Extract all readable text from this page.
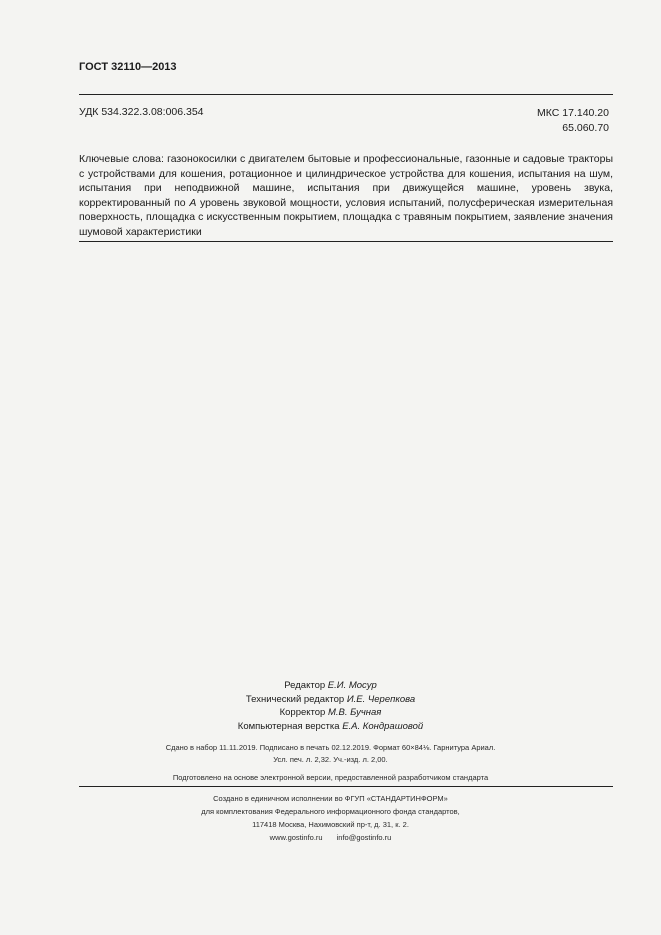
ГОСТ 32110—2013
УДК 534.322.3.08:006.354	МКС 17.140.20
65.060.70
Ключевые слова: газонокосилки с двигателем бытовые и профессиональные, газонные и садовые тракторы с устройствами для кошения, ротационное и цилиндрическое устройства для кошения, испытания на шум, испытания при неподвижной машине, испытания при движущейся машине, уровень звука, корректированный по А уровень звуковой мощности, условия испытаний, полусферическая измерительная поверхность, площадка с искусственным покрытием, площадка с травяным покрытием, заявление значения шумовой характеристики
Редактор Е.И. Мосур
Технический редактор И.Е. Черепкова
Корректор М.В. Бучная
Компьютерная верстка Е.А. Кондрашовой
Сдано в набор 11.11.2019. Подписано в печать 02.12.2019. Формат 60×84⅛. Гарнитура Ариал.
Усл. печ. л. 2,32. Уч.-изд. л. 2,00.
Подготовлено на основе электронной версии, предоставленной разработчиком стандарта
Создано в единичном исполнении во ФГУП «СТАНДАРТИНФОРМ»
для комплектования Федерального информационного фонда стандартов,
117418 Москва, Нахимовский пр-т, д. 31, к. 2.
www.gostinfo.ru info@gostinfo.ru
